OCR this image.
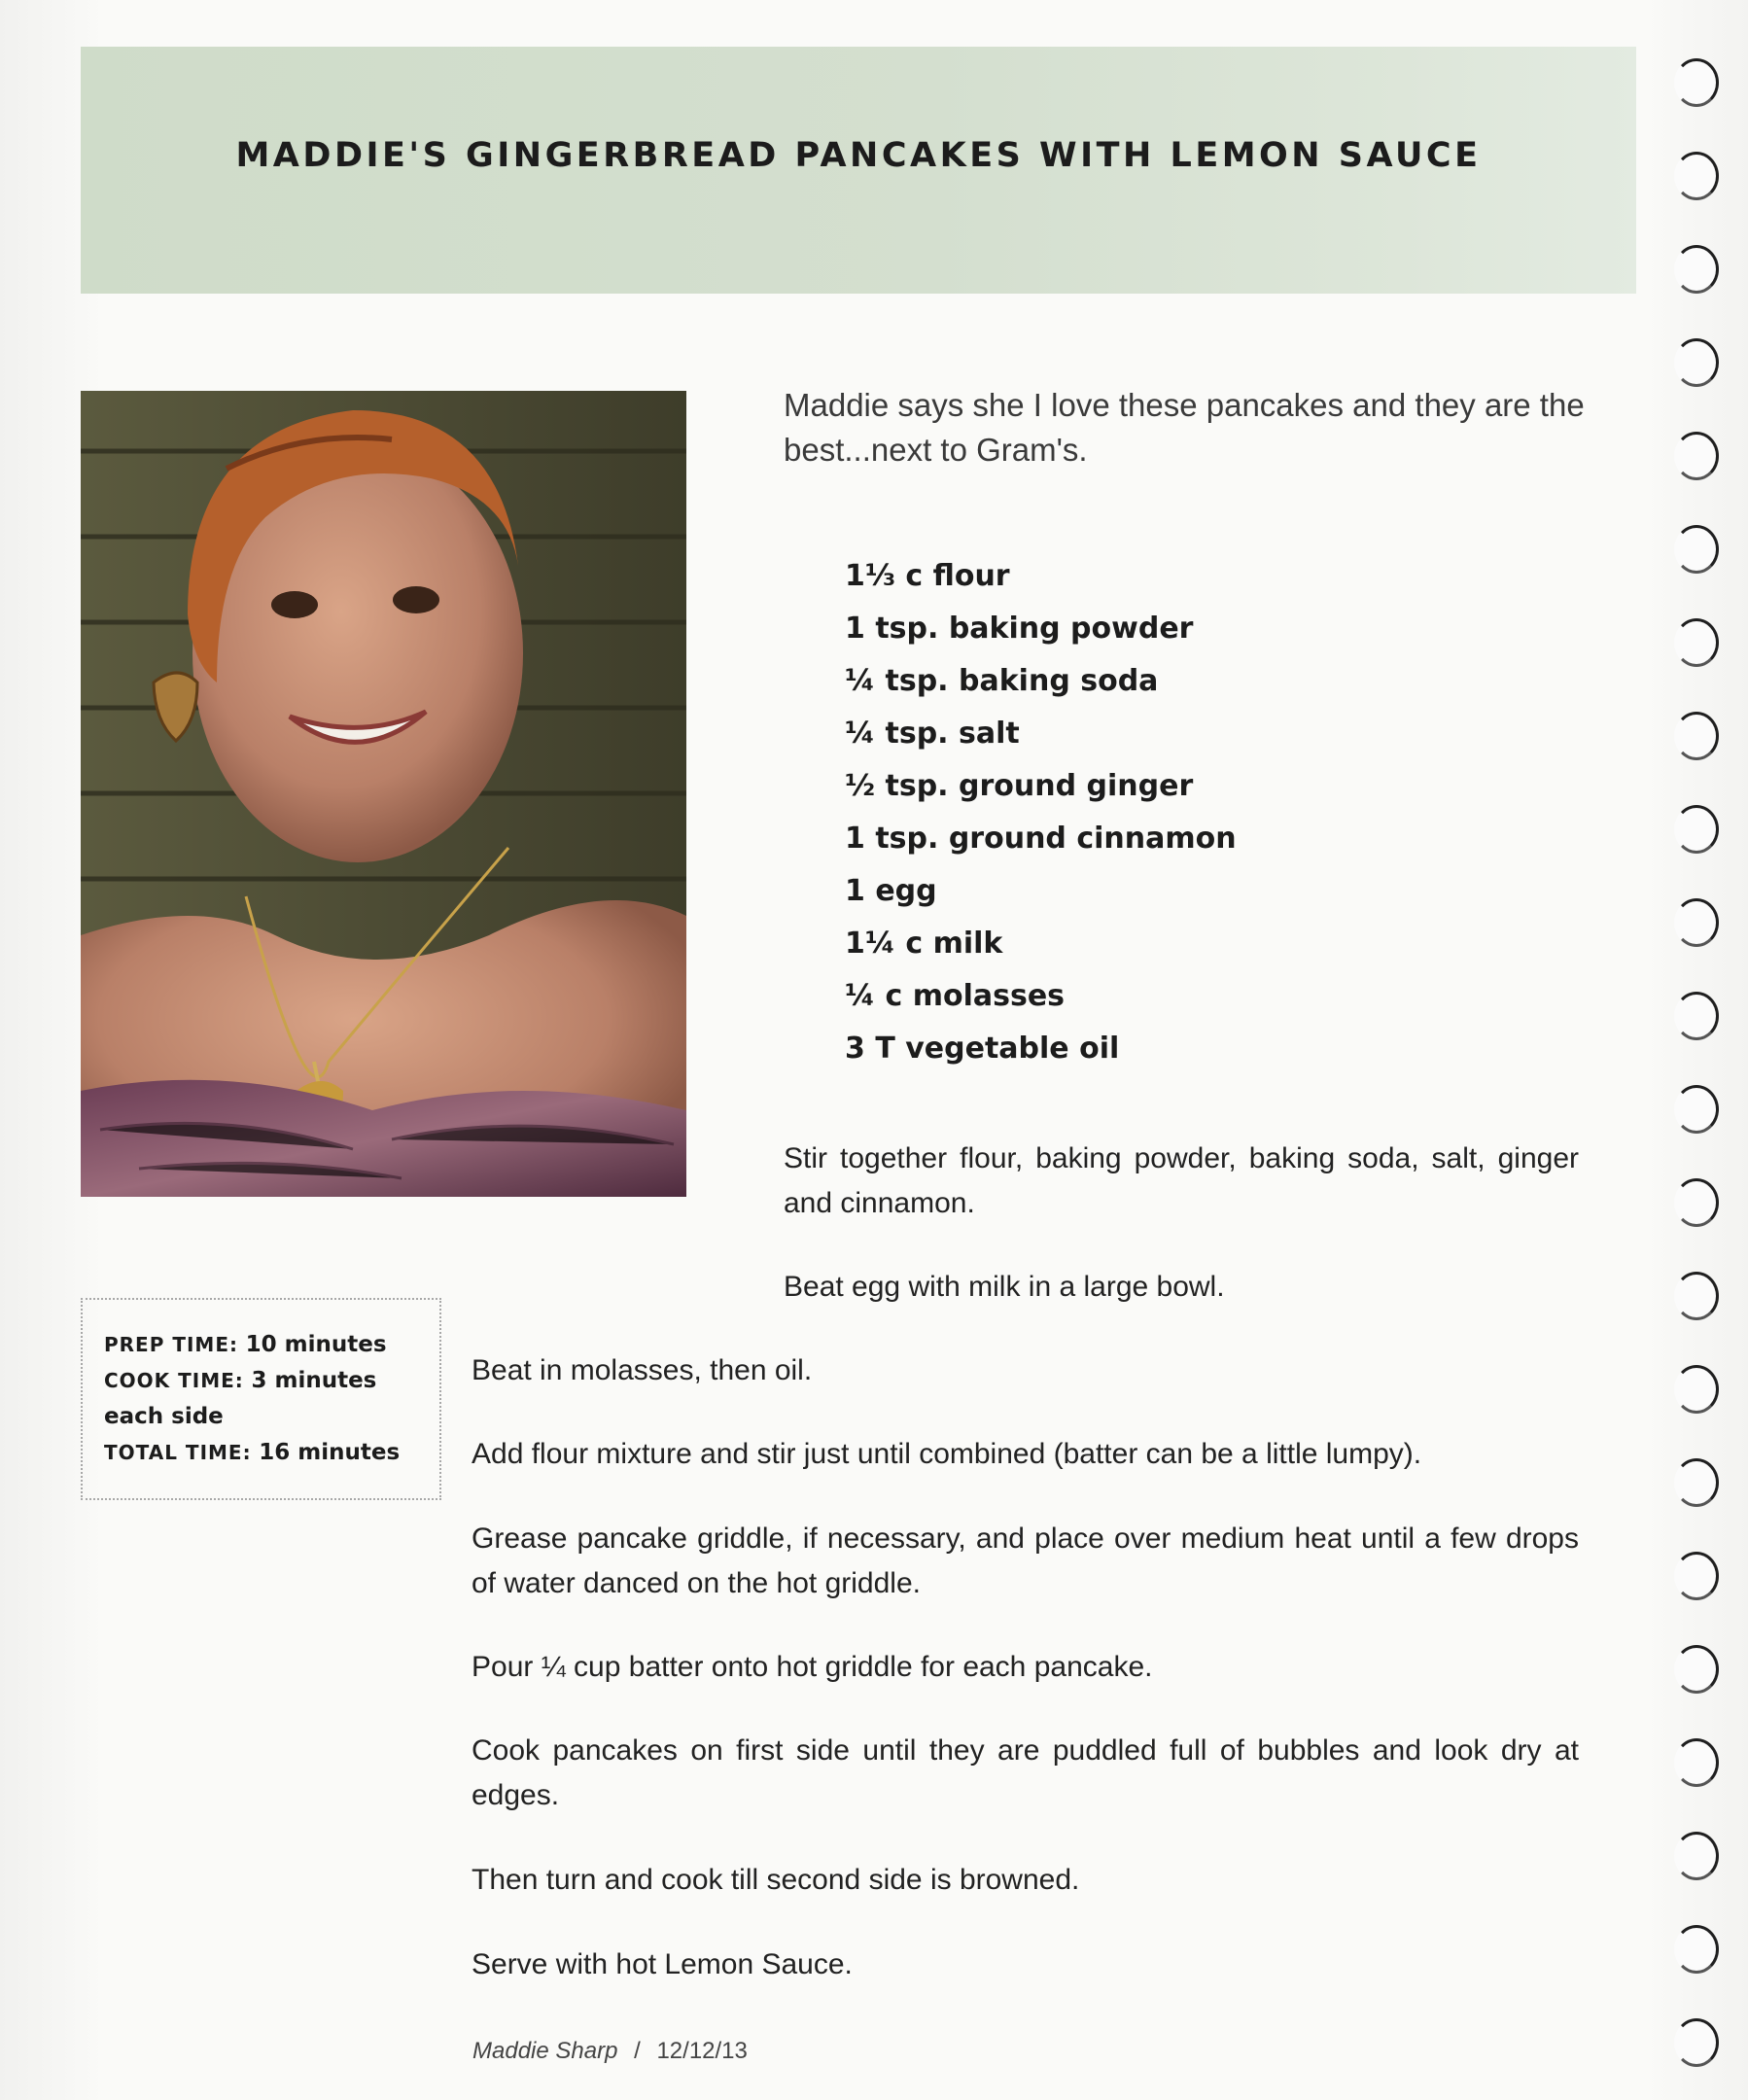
MADDIE'S GINGERBREAD PANCAKES WITH LEMON SAUCE
Maddie says she I love these pancakes and they are the best...next to Gram's.
1⅓ c flour
1 tsp. baking powder
¼ tsp. baking soda
¼ tsp. salt
½ tsp. ground ginger
1 tsp. ground cinnamon
1 egg
1¼ c milk
¼ c molasses
3 T vegetable oil
Stir together flour, baking powder, baking soda, salt, ginger and cinnamon.
Beat egg with milk in a large bowl.
Beat in molasses, then oil.
Add flour mixture and stir just until combined (batter can be a little lumpy).
Grease pancake griddle, if necessary, and place over medium heat until a few drops of water danced on the hot griddle.
Pour ¼ cup batter onto hot griddle for each pancake.
Cook pancakes on first side until they are puddled full of bubbles and look dry at edges.
Then turn and cook till second side is browned.
Serve with hot Lemon Sauce.
PREP TIME: 10 minutes
COOK TIME: 3 minutes
each side
TOTAL TIME: 16 minutes
Maddie Sharp / 12/12/13
